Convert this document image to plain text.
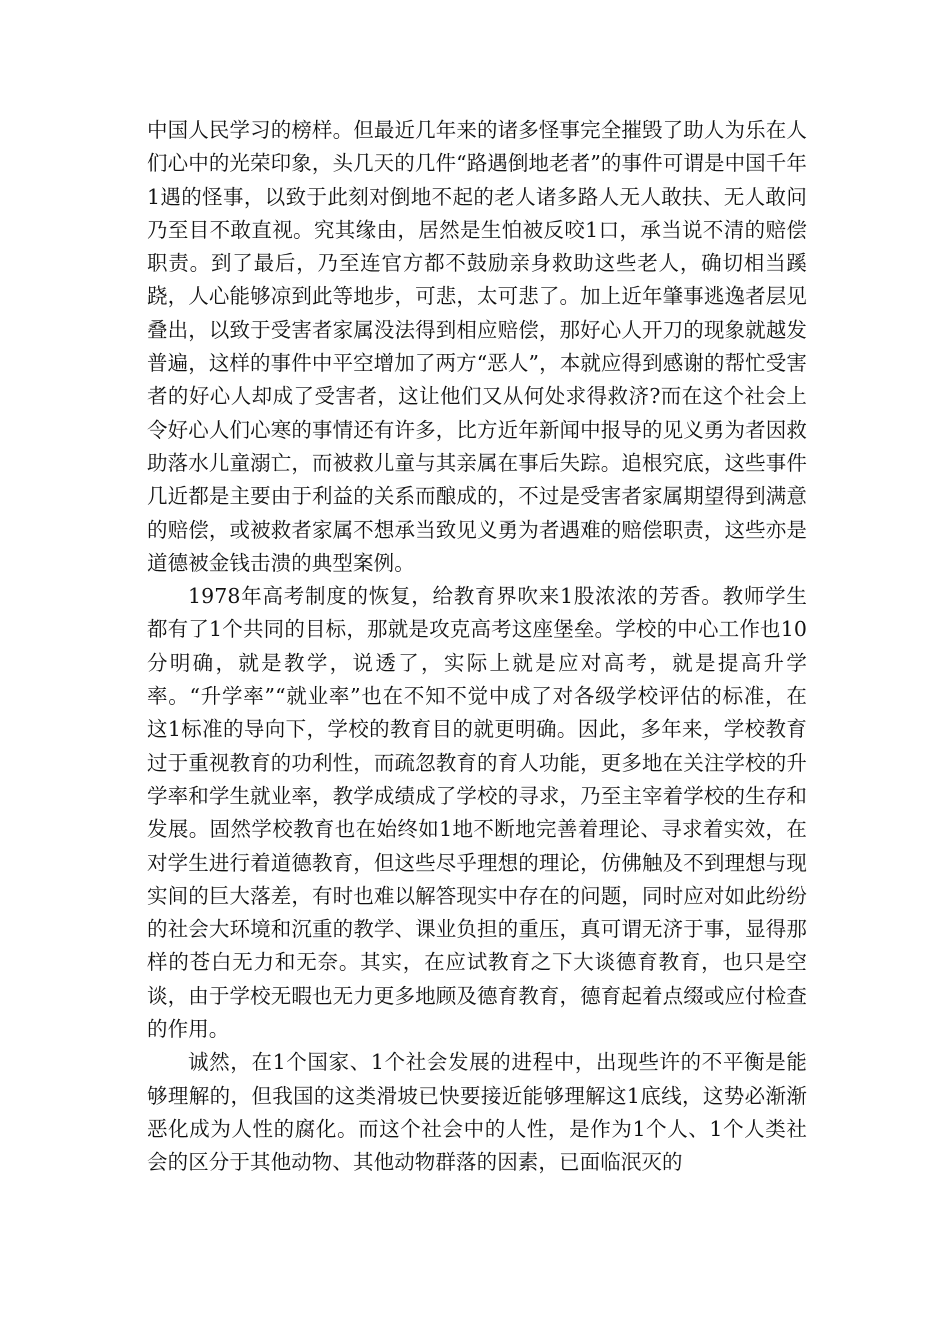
中国人民学习的榜样。但最近几年来的诸多怪事完全摧毁了助人为乐在人们心中的光荣印象，头几天的几件“路遇倒地老者”的事件可谓是中国千年1遇的怪事，以致于此刻对倒地不起的老人诸多路人无人敢扶、无人敢问乃至目不敢直视。究其缘由，居然是生怕被反咬1口，承当说不清的赔偿职责。到了最后，乃至连官方都不鼓励亲身救助这些老人，确切相当蹊跷，人心能够凉到此等地步，可悲，太可悲了。加上近年肇事逃逸者层见叠出，以致于受害者家属没法得到相应赔偿，那好心人开刀的现象就越发普遍，这样的事件中平空增加了两方“恶人”，本就应得到感谢的帮忙受害者的好心人却成了受害者，这让他们又从何处求得救济?而在这个社会上令好心人们心寒的事情还有许多，比方近年新闻中报导的见义勇为者因救助落水儿童溺亡，而被救儿童与其亲属在事后失踪。追根究底，这些事件几近都是主要由于利益的关系而酿成的，不过是受害者家属期望得到满意的赔偿，或被救者家属不想承当致见义勇为者遇难的赔偿职责，这些亦是道德被金钱击溃的典型案例。

1978年高考制度的恢复，给教育界吹来1股浓浓的芳香。教师学生都有了1个共同的目标，那就是攻克高考这座堡垒。学校的中心工作也10分明确，就是教学，说透了，实际上就是应对高考，就是提高升学率。“升学率”“就业率”也在不知不觉中成了对各级学校评估的标准，在这1标准的导向下，学校的教育目的就更明确。因此，多年来，学校教育过于重视教育的功利性，而疏忽教育的育人功能，更多地在关注学校的升学率和学生就业率，教学成绩成了学校的寻求，乃至主宰着学校的生存和发展。固然学校教育也在始终如1地不断地完善着理论、寻求着实效，在对学生进行着道德教育，但这些尽乎理想的理论，仿佛触及不到理想与现实间的巨大落差，有时也难以解答现实中存在的问题，同时应对如此纷纷的社会大环境和沉重的教学、课业负担的重压，真可谓无济于事，显得那样的苍白无力和无奈。其实，在应试教育之下大谈德育教育，也只是空谈，由于学校无暇也无力更多地顾及德育教育，德育起着点缀或应付检查的作用。

诚然，在1个国家、1个社会发展的进程中，出现些许的不平衡是能够理解的，但我国的这类滑坡已快要接近能够理解这1底线，这势必渐渐恶化成为人性的腐化。而这个社会中的人性，是作为1个人、1个人类社会的区分于其他动物、其他动物群落的因素，已面临泯灭的
